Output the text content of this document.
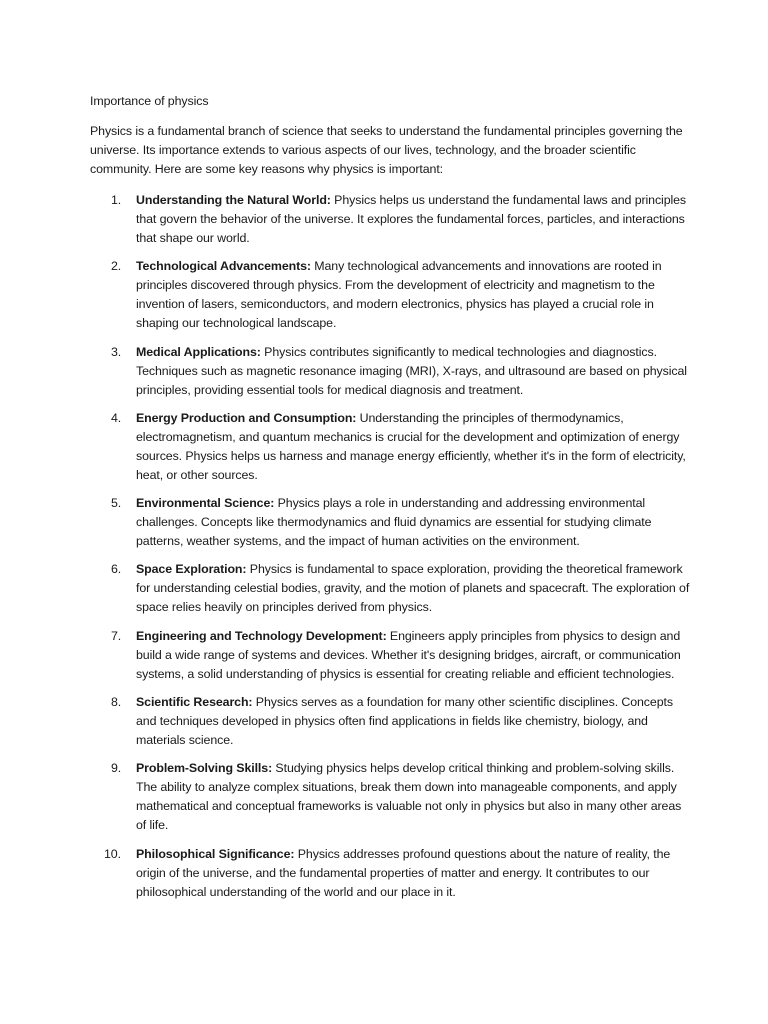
Importance of physics
Physics is a fundamental branch of science that seeks to understand the fundamental principles governing the universe. Its importance extends to various aspects of our lives, technology, and the broader scientific community. Here are some key reasons why physics is important:
1.	Understanding the Natural World: Physics helps us understand the fundamental laws and principles that govern the behavior of the universe. It explores the fundamental forces, particles, and interactions that shape our world.
2.	Technological Advancements: Many technological advancements and innovations are rooted in principles discovered through physics. From the development of electricity and magnetism to the invention of lasers, semiconductors, and modern electronics, physics has played a crucial role in shaping our technological landscape.
3.	Medical Applications: Physics contributes significantly to medical technologies and diagnostics. Techniques such as magnetic resonance imaging (MRI), X-rays, and ultrasound are based on physical principles, providing essential tools for medical diagnosis and treatment.
4.	Energy Production and Consumption: Understanding the principles of thermodynamics, electromagnetism, and quantum mechanics is crucial for the development and optimization of energy sources. Physics helps us harness and manage energy efficiently, whether it's in the form of electricity, heat, or other sources.
5.	Environmental Science: Physics plays a role in understanding and addressing environmental challenges. Concepts like thermodynamics and fluid dynamics are essential for studying climate patterns, weather systems, and the impact of human activities on the environment.
6.	Space Exploration: Physics is fundamental to space exploration, providing the theoretical framework for understanding celestial bodies, gravity, and the motion of planets and spacecraft. The exploration of space relies heavily on principles derived from physics.
7.	Engineering and Technology Development: Engineers apply principles from physics to design and build a wide range of systems and devices. Whether it's designing bridges, aircraft, or communication systems, a solid understanding of physics is essential for creating reliable and efficient technologies.
8.	Scientific Research: Physics serves as a foundation for many other scientific disciplines. Concepts and techniques developed in physics often find applications in fields like chemistry, biology, and materials science.
9.	Problem-Solving Skills: Studying physics helps develop critical thinking and problem-solving skills. The ability to analyze complex situations, break them down into manageable components, and apply mathematical and conceptual frameworks is valuable not only in physics but also in many other areas of life.
10.	Philosophical Significance: Physics addresses profound questions about the nature of reality, the origin of the universe, and the fundamental properties of matter and energy. It contributes to our philosophical understanding of the world and our place in it.
